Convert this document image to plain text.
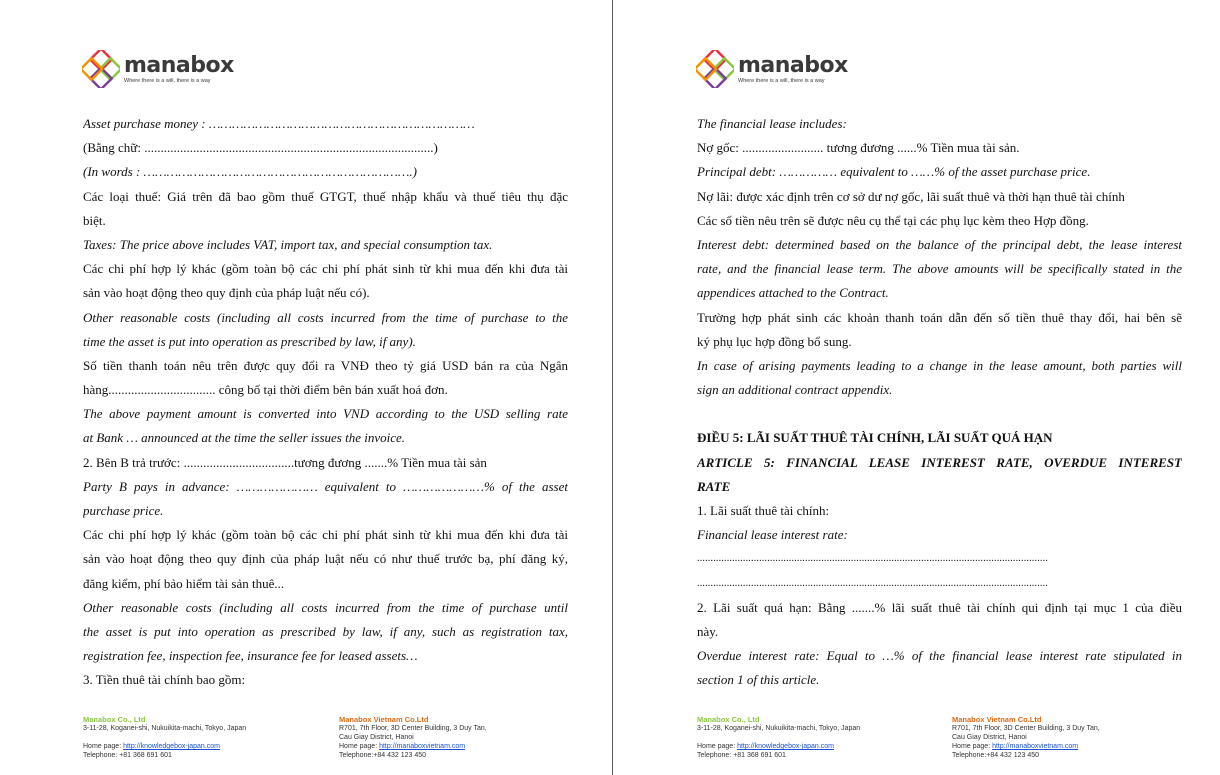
manabox
Where there is a will, there is a way
Asset purchase money : ……………………………………………………………
(Bằng chữ: .........................................................................................)
(In words : …………………………………………………………….)
Các loại thuế: Giá trên đã bao gồm thuế GTGT, thuế nhập khẩu và thuế tiêu thụ đặc
biệt.
Taxes: The price above includes VAT, import tax, and special consumption tax.
Các chi phí hợp lý khác (gồm toàn bộ các chi phí phát sinh từ khi mua đến khi đưa tài
sản vào hoạt động theo quy định của pháp luật nếu có).
Other reasonable costs (including all costs incurred from the time of purchase to the
time the asset is put into operation as prescribed by law, if any).
Số tiền thanh toán nêu trên được quy đổi ra VNĐ theo tỷ giá USD bán ra của Ngân
hàng................................. công bố tại thời điểm bên bán xuất hoá đơn.
The above payment amount is converted into VND according to the USD selling rate
at Bank … announced at the time the seller issues the invoice.
2. Bên B trả trước: ..................................tương đương .......% Tiền mua tài sản
Party B pays in advance: ………………… equivalent to …………………% of the asset
purchase price.
Các chi phí hợp lý khác (gồm toàn bộ các chi phí phát sinh từ khi mua đến khi đưa tài
sản vào hoạt động theo quy định của pháp luật nếu có như thuế trước bạ, phí đăng ký,
đăng kiểm, phí bảo hiểm tài sản thuê...
Other reasonable costs (including all costs incurred from the time of purchase until
the asset is put into operation as prescribed by law, if any, such as registration tax,
registration fee, inspection fee, insurance fee for leased assets…
3. Tiền thuê tài chính bao gồm:
Manabox Co., Ltd
3-11-28, Koganei-shi, Nukuikita-machi, Tokyo, Japan
Home page: http://knowledgebox-japan.com
Telephone: +81 368 691 601
Manabox Vietnam Co.Ltd
R701, 7th Floor, 3D Center Building, 3 Duy Tan,
Cau Giay District, Hanoi
Home page: http://manaboxvietnam.com
Telephone:+84 432 123 450
manabox
Where there is a will, there is a way
The financial lease includes:
Nợ gốc: ......................... tương đương ......% Tiền mua tài sản.
Principal debt: …………… equivalent to ……% of the asset purchase price.
Nợ lãi: được xác định trên cơ sở dư nợ gốc, lãi suất thuê và thời hạn thuê tài chính
Các số tiền nêu trên sẽ được nêu cụ thể tại các phụ lục kèm theo Hợp đồng.
Interest debt: determined based on the balance of the principal debt, the lease interest
rate, and the financial lease term. The above amounts will be specifically stated in the
appendices attached to the Contract.
Trường hợp phát sinh các khoản thanh toán dẫn đến số tiền thuê thay đổi, hai bên sẽ
ký phụ lục hợp đồng bổ sung.
In case of arising payments leading to a change in the lease amount, both parties will
sign an additional contract appendix.
ĐIỀU 5: LÃI SUẤT THUÊ TÀI CHÍNH, LÃI SUẤT QUÁ HẠN
ARTICLE 5: FINANCIAL LEASE INTEREST RATE, OVERDUE INTEREST
RATE
1. Lãi suất thuê tài chính:
Financial lease interest rate:
..................................................................................................................................
..................................................................................................................................
2. Lãi suất quá hạn: Bằng .......% lãi suất thuê tài chính qui định tại mục 1 của điều
này.
Overdue interest rate: Equal to …% of the financial lease interest rate stipulated in
section 1 of this article.
Manabox Co., Ltd
3-11-28, Koganei-shi, Nukuikita-machi, Tokyo, Japan
Home page: http://knowledgebox-japan.com
Telephone: +81 368 691 601
Manabox Vietnam Co.Ltd
R701, 7th Floor, 3D Center Building, 3 Duy Tan,
Cau Giay District, Hanoi
Home page: http://manaboxvietnam.com
Telephone:+84 432 123 450
